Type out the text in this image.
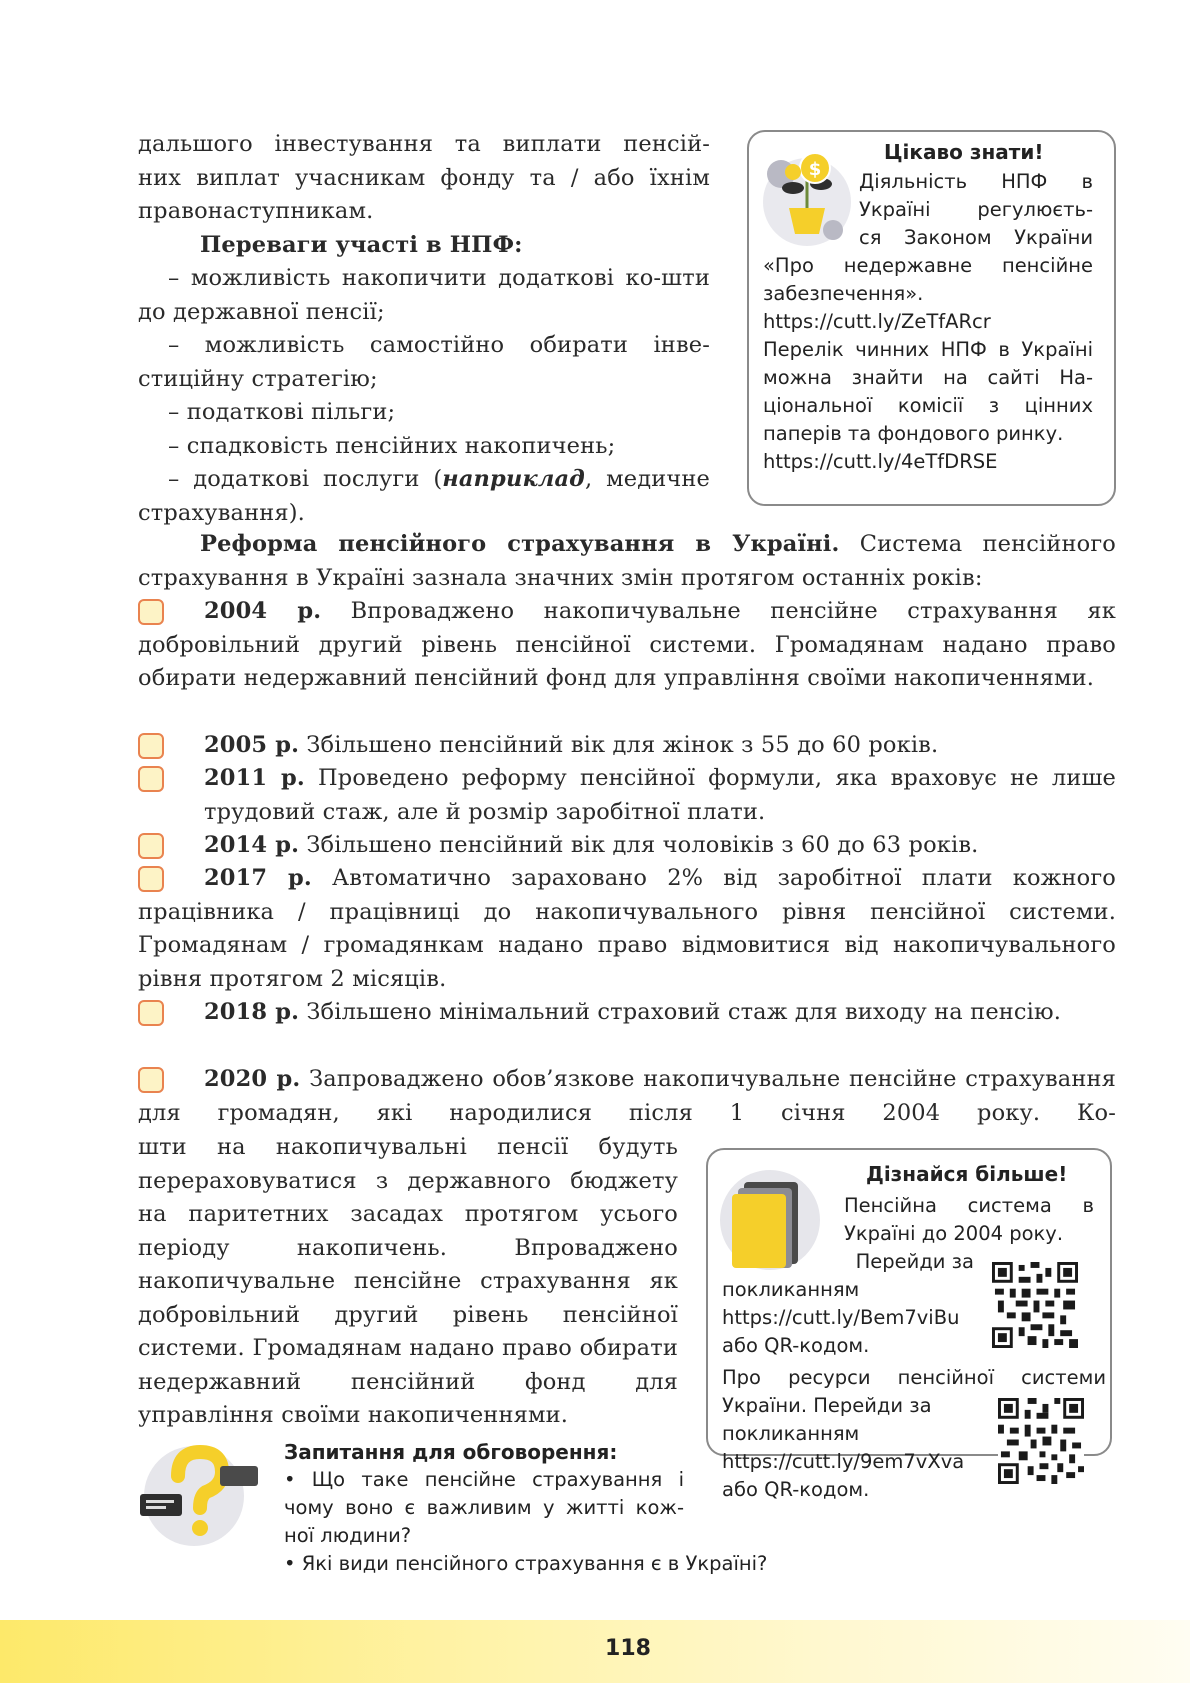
дальшого інвестування та виплати пенсій-

них виплат учасникам фонду та / або їхнім

правонаступникам.

Переваги участі в НПФ:

– можливість накопичити додаткові ко-шти до державної пенсії;

– можливість самостійно обирати інве-стиційну стратегію;

– податкові пільги;

– спадковість пенсійних накопичень;

– додаткові послуги (наприклад, медичне страхування).

$
Цікаво знати!
Діяльність НПФ в
Україні регулюєть-
ся Законом України
«Про недержавне пенсійне
забезпечення».
https://cutt.ly/ZeTfARcr
Перелік чинних НПФ в Україні
можна знайти на сайті На-
ціональної комісії з цінних
паперів та фондового ринку.
https://cutt.ly/4eTfDRSE

Реформа пенсійного страхування в Україні. Система пенсійного страхування в Україні зазнала значних змін протягом останніх років:

2004 р. Впроваджено накопичувальне пенсійне страхування як добровільний другий рівень пенсійної системи. Громадянам надано право обирати недержавний пенсійний фонд для управління своїми накопиченнями.

2005 р. Збільшено пенсійний вік для жінок з 55 до 60 років.

2011 р. Проведено реформу пенсійної формули, яка враховує не лише трудовий стаж, але й розмір заробітної плати.

2014 р. Збільшено пенсійний вік для чоловіків з 60 до 63 років.

2017 р. Автоматично зараховано 2% від заробітної плати кожного працівника / працівниці до накопичувального рівня пенсійної системи. Громадянам / громадянкам надано право відмовитися від накопичувального рівня протягом 2 місяців.

2018 р. Збільшено мінімальний страховий стаж для виходу на пенсію.

2020 р. Запроваджено обов’язкове накопичувальне пенсійне страхування для громадян, які народилися після 1 січня 2004 року. Ко-

шти на накопичувальні пенсії будуть перераховуватися з державного бюджету на паритетних засадах протягом усього періоду накопичень. Впроваджено накопичувальне пенсійне страхування як добровільний другий рівень пенсійної системи. Громадянам надано право обирати недержавний пенсійний фонд для управління своїми накопиченнями.

Дізнайся більше!
Пенсійна система в
Україні до 2004 року.
Перейди за
покликанням
https://cutt.ly/Bem7viBu
або QR-кодом.
Про ресурси пенсійної системи
України. Перейди за
покликанням
https://cutt.ly/9em7vXva
або QR-кодом.
Запитання для обговорення:
• Що таке пенсійне страхування і
чому воно є важливим у житті кож-
ної людини?
• Які види пенсійного страхування є в Україні?
118
